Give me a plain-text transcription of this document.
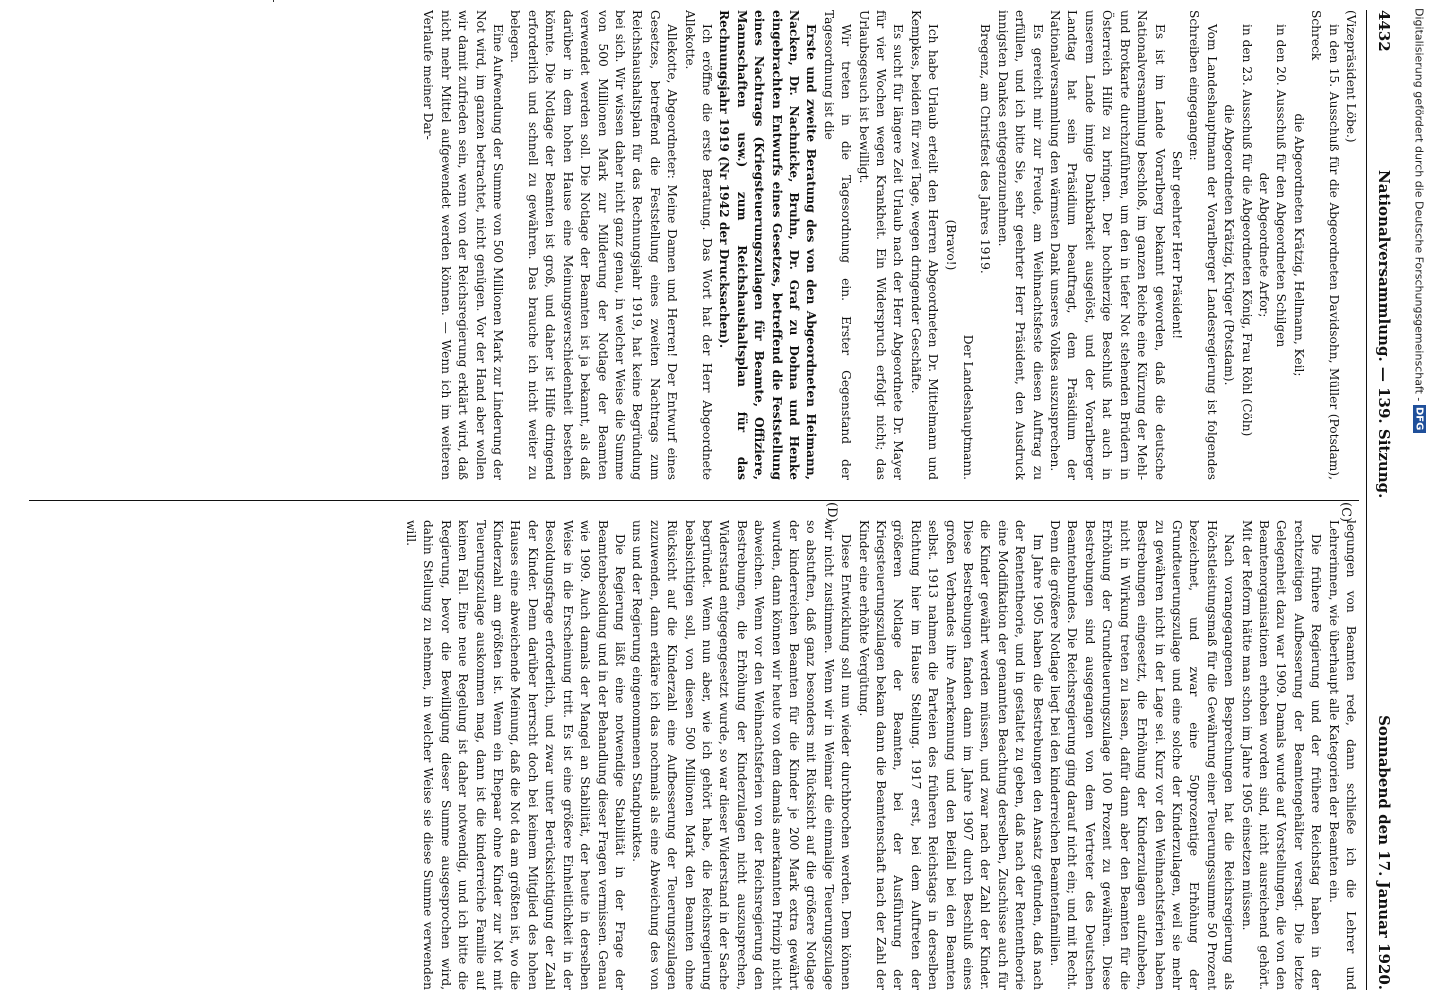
4432
Nationalversammlung. — 139. Sitzung.
Sonnabend den 17. Januar 1920.
(C)
(D)

(Vizepräsident Löbe.)

in den 15. Ausschuß für die Abgeordneten Davidsohn, Müller (Potsdam), Schreck

die Abgeordneten Krätzig, Hellmann, Keil;

in den 20. Ausschuß für den Abgeordneten Schilgen

der Abgeordnete Arfor;

in den 23. Ausschuß für die Abgeordneten König, Frau Röhl (Cöln)

die Abgeordneten Krätzig, Krüger (Potsdam).

Vom Landeshauptmann der Vorarlberger Landesregierung ist folgendes Schreiben eingegangen:

Sehr geehrter Herr Präsident!

Es ist im Lande Vorarlberg bekannt geworden, daß die deutsche Nationalversammlung beschloß, im ganzen Reiche eine Kürzung der Mehl- und Brotkarte durchzuführen, um den in tiefer Not stehenden Brüdern in Österreich Hilfe zu bringen. Der hochherzige Beschluß hat auch in unserem Lande innige Dankbarkeit ausgelöst, und der Vorarlberger Landtag hat sein Präsidium beauftragt, dem Präsidium der Nationalversammlung den wärmsten Dank unseres Volkes auszusprechen.

Es gereicht mir zur Freude, am Weihnachtsfeste diesen Auftrag zu erfüllen, und ich bitte Sie, sehr geehrter Herr Präsident, den Ausdruck innigsten Dankes entgegenzunehmen.

Bregenz, am Christfest des Jahres 1919.

Der Landeshauptmann.

(Bravo!)

Ich habe Urlaub erteilt den Herren Abgeordneten Dr. Mittelmann und Kempkes, beiden für zwei Tage, wegen dringender Geschäfte.

Es sucht für längere Zeit Urlaub nach der Herr Abgeordnete Dr. Mayer für vier Wochen wegen Krankheit. Ein Widerspruch erfolgt nicht; das Urlaubsgesuch ist bewilligt.

Wir treten in die Tagesordnung ein. Erster Gegenstand der Tagesordnung ist die

Erste und zweite Beratung des von den Abgeordneten Heimann, Nacken, Dr. Nachnicke, Bruhn, Dr. Graf zu Dohna und Henke eingebrachten Entwurfs eines Gesetzes, betreffend die Feststellung eines Nachtrags (Kriegsteuerungszulagen für Beamte, Offiziere, Mannschaften usw.) zum Reichshaushaltsplan für das Rechnungsjahr 1919 (Nr 1942 der Drucksachen).

Ich eröffne die erste Beratung. Das Wort hat der Herr Abgeordnete Allekotte.

Allekotte, Abgeordneter: Meine Damen und Herren! Der Entwurf eines Gesetzes, betreffend die Feststellung eines zweiten Nachtrags zum Reichshaushaltsplan für das Rechnungsjahr 1919, hat keine Begründung bei sich. Wir wissen daher nicht ganz genau, in welcher Weise die Summe von 500 Millionen Mark zur Milderung der Notlage der Beamten verwendet werden soll. Die Notlage der Beamten ist ja bekannt, als daß darüber in dem hohen Hause eine Meinungsverschiedenheit bestehen könnte. Die Notlage der Beamten ist groß, und daher ist Hilfe dringend erforderlich und schnell zu gewähren. Das brauche ich nicht weiter zu belegen.

Eine Aufwendung der Summe von 500 Millionen Mark zur Linderung der Not wird, im ganzen betrachtet, nicht genügen. Vor der Hand aber wollen wir damit zufrieden sein, wenn von der Reichsregierung erklärt wird, daß nicht mehr Mittel aufgewendet werden können. — Wenn ich im weiteren Verlaufe meiner Dar-

legungen von Beamten rede, dann schließe ich die Lehrer und Lehrerinnen, wie überhaupt alle Kategorien der Beamten ein.

Die frühere Regierung und der frühere Reichstag haben in der rechtzeitigen Aufbesserung der Beamtengehälter versagt. Die letzte Gelegenheit dazu war 1909. Damals wurde auf Vorstellungen, die von den Beamtenorganisationen erhoben worden sind, nicht ausreichend gehört. Mit der Reform hätte man schon im Jahre 1905 einsetzen müssen.

Nach vorangegangenen Besprechungen hat die Reichsregierung als Höchstleistungsmaß für die Gewährung einer Teuerungssumme 50 Prozent bezeichnet, und zwar eine 50prozentige Erhöhung der Grundteuerungszulage und eine solche der Kinderzulagen, weil sie mehr zu gewähren nicht in der Lage sei. Kurz vor den Weihnachtsferien haben Bestrebungen eingesetzt, die Erhöhung der Kinderzulagen aufzuheben, nicht in Wirkung treten zu lassen, dafür dann aber den Beamten für die Erhöhung der Grundteuerungszulage 100 Prozent zu gewähren. Diese Bestrebungen sind ausgegangen von dem Vertreter des Deutschen Beamtenbundes. Die Reichsregierung ging darauf nicht ein; und mit Recht. Denn die größere Notlage liegt bei den kinderreichen Beamtenfamilien.

Im Jahre 1905 haben die Bestrebungen den Ansatz gefunden, daß nach der Rententheorie, und in gestaltet zu geben, daß nach der Rententheorie eine Modifikation der genannten Beachtung derselben, Zuschüsse auch für die Kinder gewährt werden müssen, und zwar nach der Zahl der Kinder. Diese Bestrebungen fanden dann im Jahre 1907 durch Beschluß eines großen Verbandes ihre Anerkennung und den Beifall bei den Beamten selbst. 1913 nahmen die Parteien des früheren Reichstags in derselben Richtung hier im Hause Stellung. 1917 erst, bei dem Auftreten der größeren Notlage der Beamten, bei der Ausführung der Kriegsteuerungszulagen bekam dann die Beamtenschaft nach der Zahl der Kinder eine erhöhte Vergütung.

Diese Entwicklung soll nun wieder durchbrochen werden. Dem können wir nicht zustimmen. Wenn wir in Weimar die einmalige Teuerungszulage so abstuften, daß ganz besonders mit Rücksicht auf die größere Notlage der kinderreichen Beamten für die Kinder je 200 Mark extra gewährt wurden, dann können wir heute von dem damals anerkannten Prinzip nicht abweichen. Wenn vor den Weihnachtsferien von der Reichsregierung den Bestrebungen, die Erhöhung der Kinderzulagen nicht auszusprechen, Widerstand entgegengesetzt wurde, so war dieser Widerstand in der Sache begründet. Wenn nun aber, wie ich gehört habe, die Reichsregierung beabsichtigen soll, von diesen 500 Millionen Mark den Beamten ohne Rücksicht auf die Kinderzahl eine Aufbesserung der Teuerungszulagen zuzuwenden, dann erkläre ich das nochmals als eine Abweichung des von uns und der Regierung eingenommenen Standpunktes.

Die Regierung läßt eine notwendige Stabilität in der Frage der Beamtenbesoldung und in der Behandlung dieser Fragen vermissen. Genau wie 1909. Auch damals der Mangel an Stabilität, der heute in derselben Weise in die Erscheinung tritt. Es ist eine größere Einheitlichkeit in der Besoldungsfrage erforderlich, und zwar unter Berücksichtigung der Zahl der Kinder. Denn darüber herrscht doch bei keinem Mitglied des hohen Hauses eine abweichende Meinung, daß die Not da am größten ist, wo die Kinderzahl am größten ist. Wenn ein Ehepaar ohne Kinder zur Not mit Teuerungszulage auskommen mag, dann ist die kinderreiche Familie auf keinen Fall. Eine neue Regelung ist daher notwendig, und ich bitte die Regierung, bevor die Bewilligung dieser Summe ausgesprochen wird, dahin Stellung zu nehmen, in welcher Weise sie diese Summe verwenden will.

Digitalisierung gefördert durch die Deutsche Forschungsgemeinschaft -
DFG
